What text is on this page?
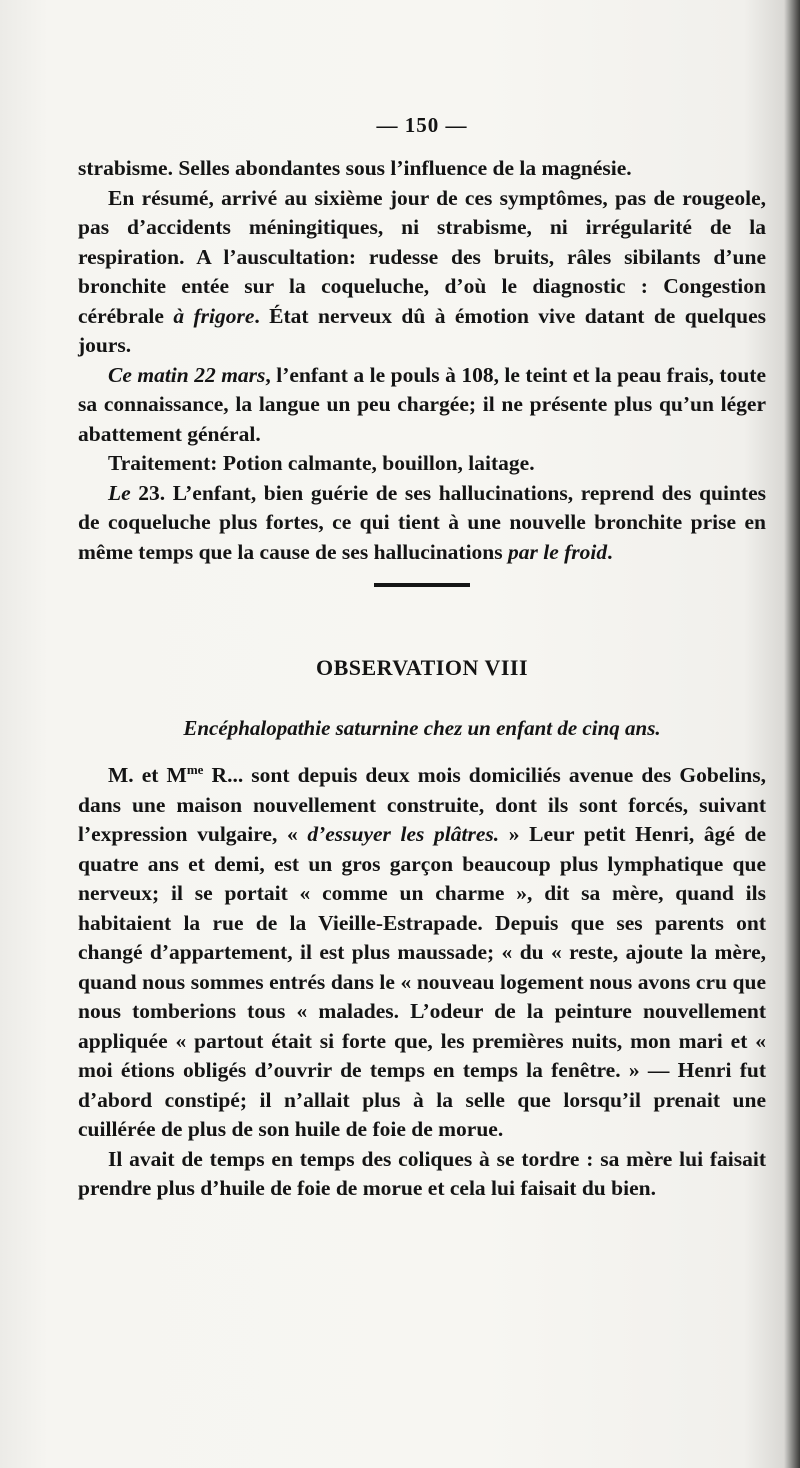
— 150 —

strabisme. Selles abondantes sous l’influence de la magnésie.

En résumé, arrivé au sixième jour de ces symptômes, pas de rougeole, pas d’accidents méningitiques, ni strabisme, ni irrégularité de la respiration. A l’auscultation: rudesse des bruits, râles sibilants d’une bronchite entée sur la coqueluche, d’où le diagnostic : Congestion cérébrale à frigore. État nerveux dû à émotion vive datant de quelques jours.

Ce matin 22 mars, l’enfant a le pouls à 108, le teint et la peau frais, toute sa connaissance, la langue un peu chargée; il ne présente plus qu’un léger abattement général.

Traitement: Potion calmante, bouillon, laitage.

Le 23. L’enfant, bien guérie de ses hallucinations, reprend des quintes de coqueluche plus fortes, ce qui tient à une nouvelle bronchite prise en même temps que la cause de ses hallucinations par le froid.

OBSERVATION VIII
Encéphalopathie saturnine chez un enfant de cinq ans.

M. et $M^{me}$ R... sont depuis deux mois domiciliés avenue des Gobelins, dans une maison nouvellement construite, dont ils sont forcés, suivant l’expression vulgaire, « d’essuyer les plâtres. » Leur petit Henri, âgé de quatre ans et demi, est un gros garçon beaucoup plus lymphatique que nerveux; il se portait « comme un charme », dit sa mère, quand ils habitaient la rue de la Vieille-Estrapade. Depuis que ses parents ont changé d’appartement, il est plus maussade; « du « reste, ajoute la mère, quand nous sommes entrés dans le « nouveau logement nous avons cru que nous tomberions tous « malades. L’odeur de la peinture nouvellement appliquée « partout était si forte que, les premières nuits, mon mari et « moi étions obligés d’ouvrir de temps en temps la fenêtre. » — Henri fut d’abord constipé; il n’allait plus à la selle que lorsqu’il prenait une cuillérée de plus de son huile de foie de morue.

Il avait de temps en temps des coliques à se tordre : sa mère lui faisait prendre plus d’huile de foie de morue et cela lui faisait du bien.
